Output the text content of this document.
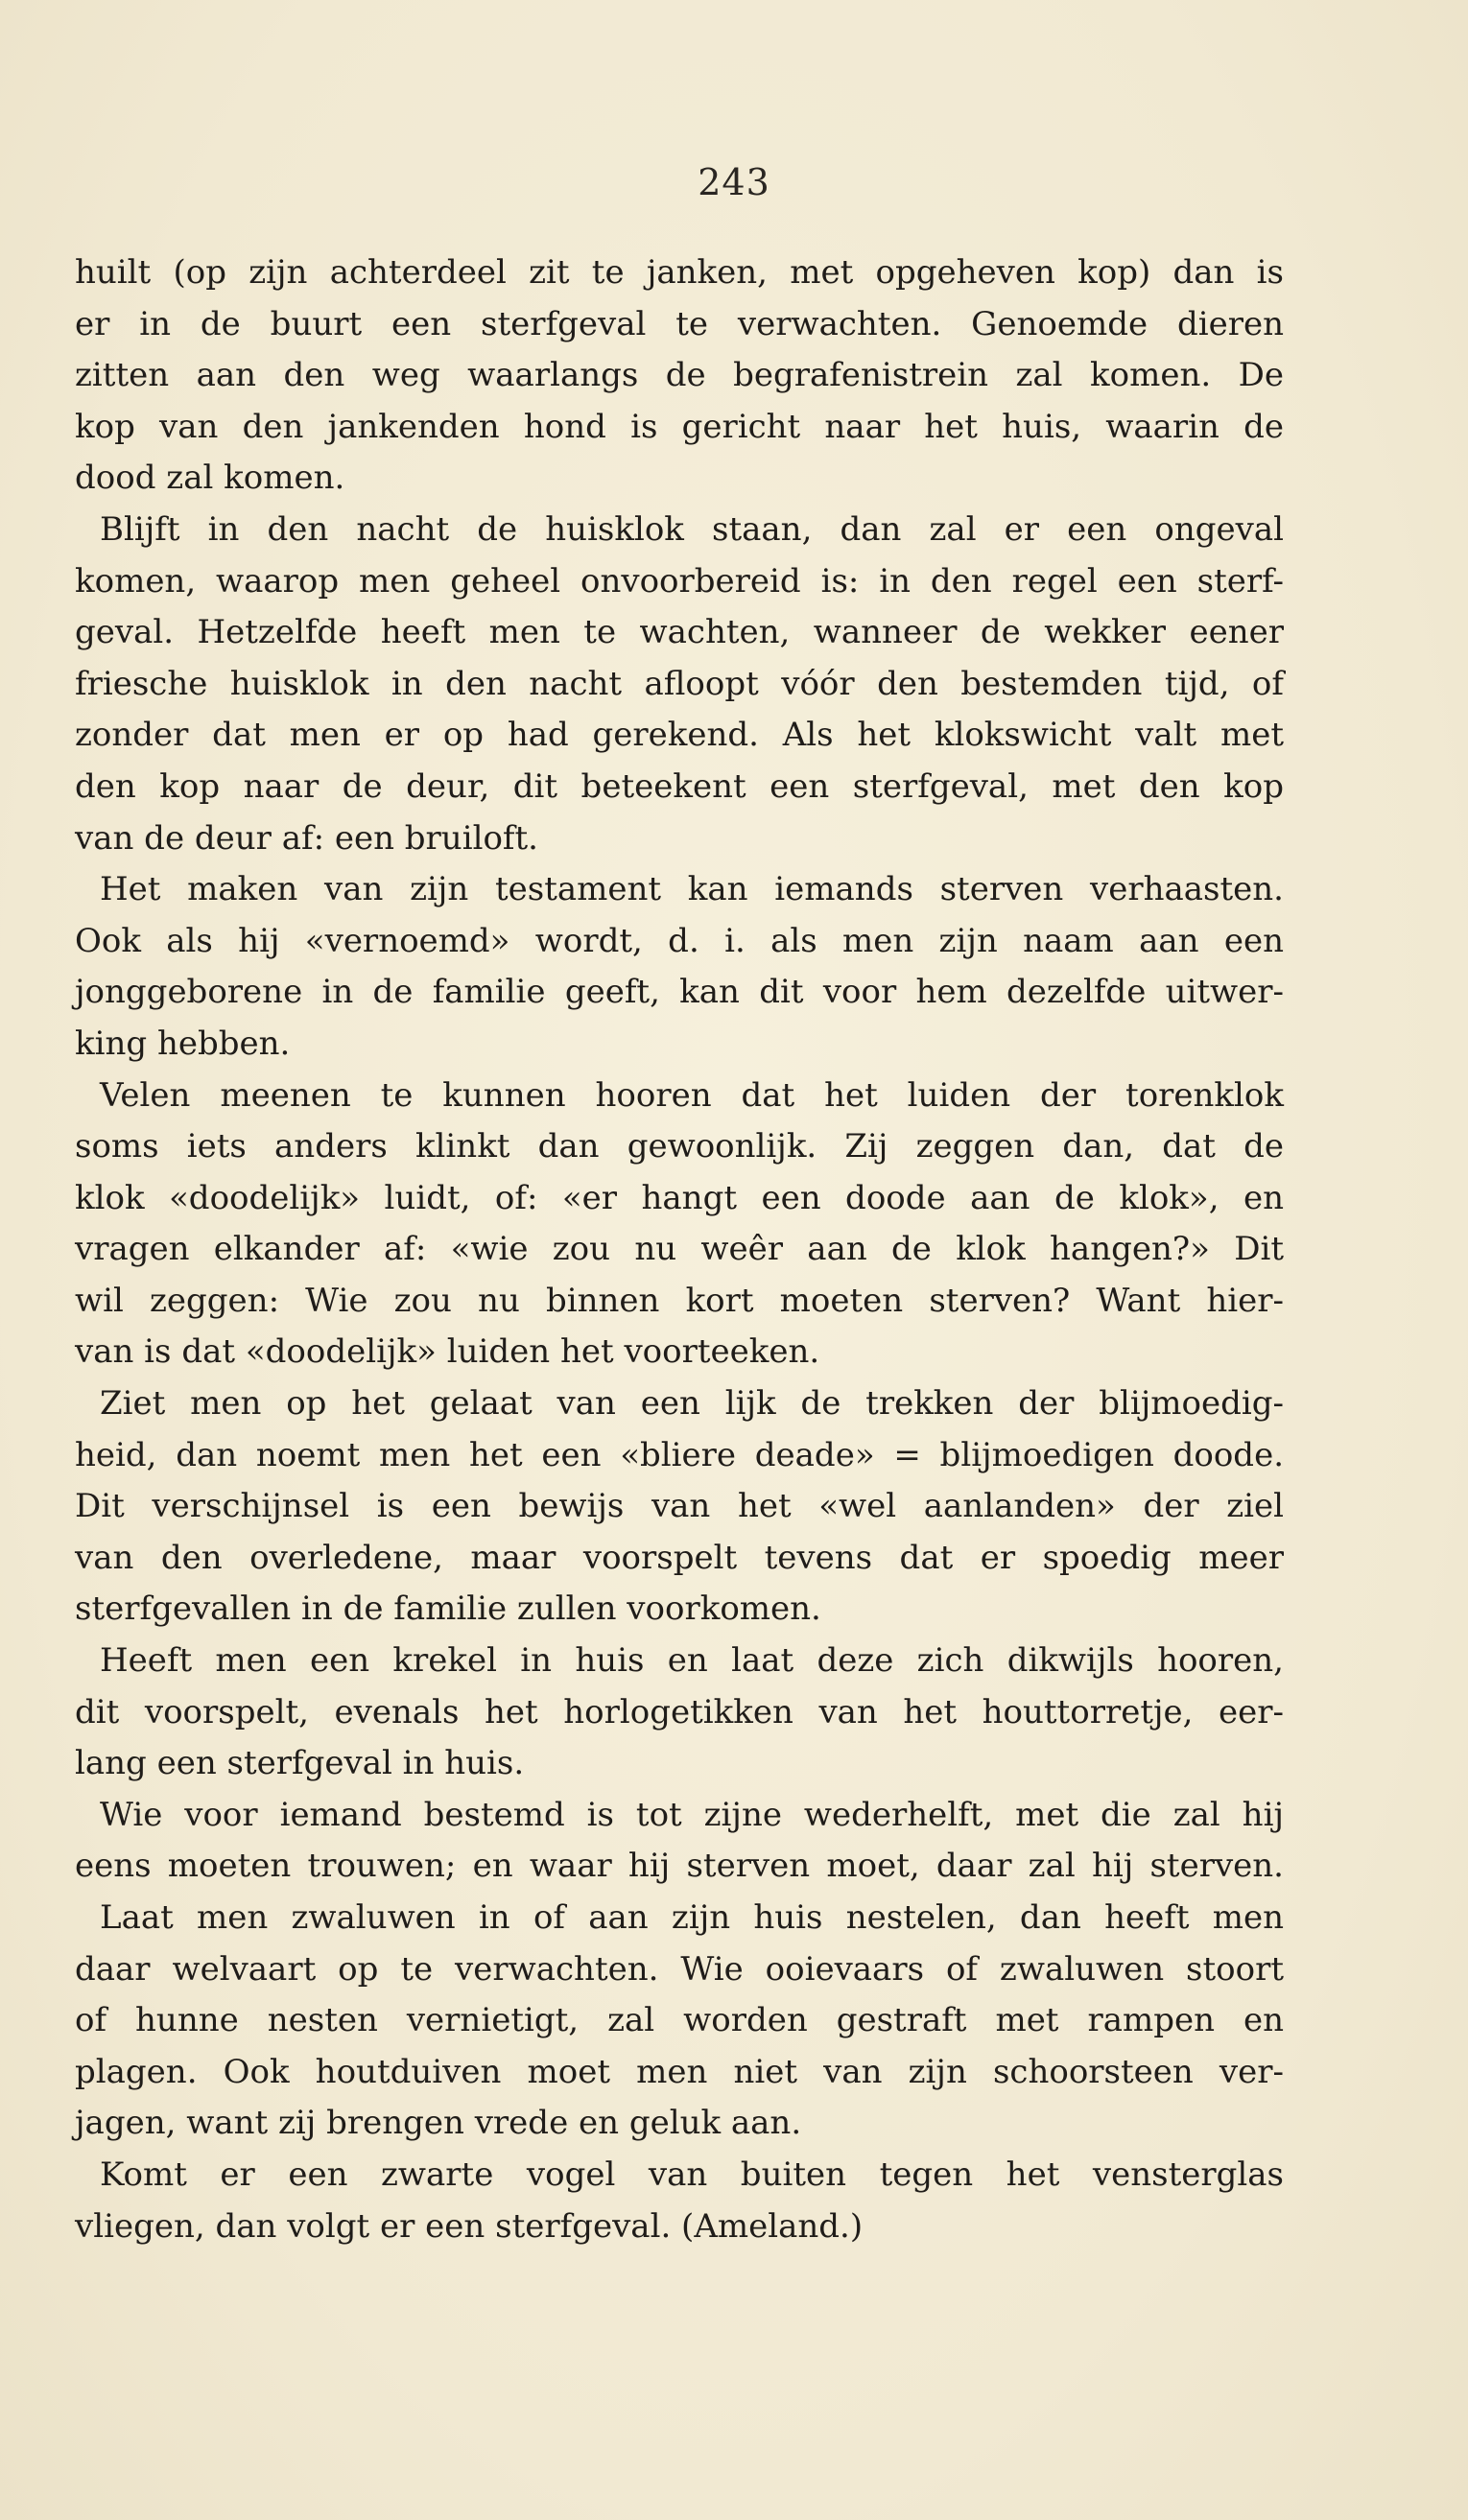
243
huilt (op zijn achterdeel zit te janken, met opgeheven kop) dan is
er in de buurt een sterfgeval te verwachten. Genoemde dieren
zitten aan den weg waarlangs de begrafenistrein zal komen. De
kop van den jankenden hond is gericht naar het huis, waarin de
dood zal komen.
Blijft in den nacht de huisklok staan, dan zal er een ongeval
komen, waarop men geheel onvoorbereid is: in den regel een sterf-
geval. Hetzelfde heeft men te wachten, wanneer de wekker eener
friesche huisklok in den nacht afloopt vóór den bestemden tijd, of
zonder dat men er op had gerekend. Als het klokswicht valt met
den kop naar de deur, dit beteekent een sterfgeval, met den kop
van de deur af: een bruiloft.
Het maken van zijn testament kan iemands sterven verhaasten.
Ook als hij «vernoemd» wordt, d. i. als men zijn naam aan een
jonggeborene in de familie geeft, kan dit voor hem dezelfde uitwer-
king hebben.
Velen meenen te kunnen hooren dat het luiden der torenklok
soms iets anders klinkt dan gewoonlijk. Zij zeggen dan, dat de
klok «doodelijk» luidt, of: «er hangt een doode aan de klok», en
vragen elkander af: «wie zou nu weêr aan de klok hangen?» Dit
wil zeggen: Wie zou nu binnen kort moeten sterven? Want hier-
van is dat «doodelijk» luiden het voorteeken.
Ziet men op het gelaat van een lijk de trekken der blijmoedig-
heid, dan noemt men het een «bliere deade» = blijmoedigen doode.
Dit verschijnsel is een bewijs van het «wel aanlanden» der ziel
van den overledene, maar voorspelt tevens dat er spoedig meer
sterfgevallen in de familie zullen voorkomen.
Heeft men een krekel in huis en laat deze zich dikwijls hooren,
dit voorspelt, evenals het horlogetikken van het houttorretje, eer-
lang een sterfgeval in huis.
Wie voor iemand bestemd is tot zijne wederhelft, met die zal hij
eens moeten trouwen; en waar hij sterven moet, daar zal hij sterven.
Laat men zwaluwen in of aan zijn huis nestelen, dan heeft men
daar welvaart op te verwachten. Wie ooievaars of zwaluwen stoort
of hunne nesten vernietigt, zal worden gestraft met rampen en
plagen. Ook houtduiven moet men niet van zijn schoorsteen ver-
jagen, want zij brengen vrede en geluk aan.
Komt er een zwarte vogel van buiten tegen het vensterglas
vliegen, dan volgt er een sterfgeval. (Ameland.)
